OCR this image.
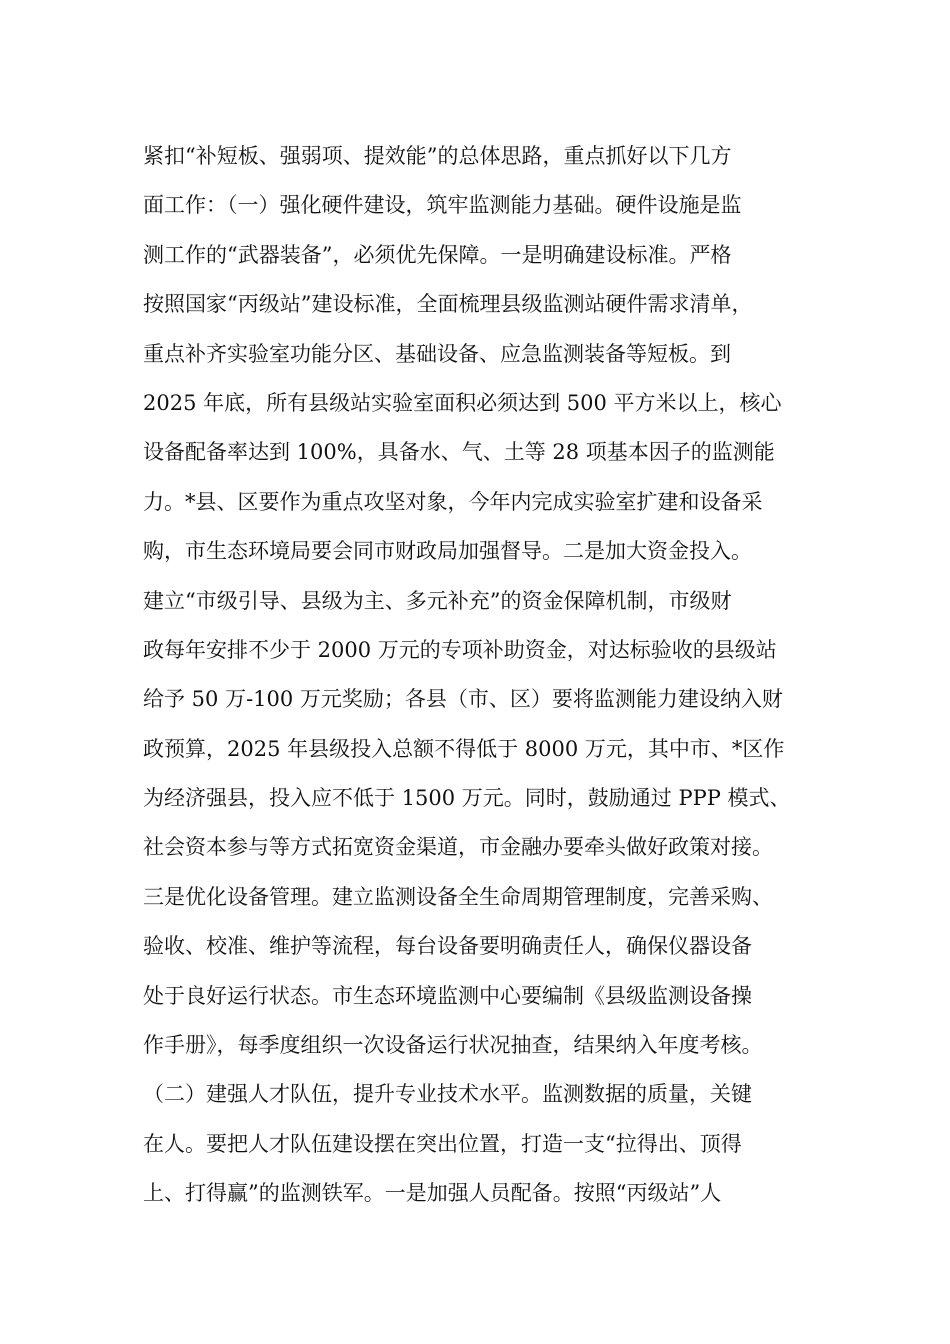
紧扣“补短板、强弱项、提效能”的总体思路，重点抓好以下几方
面工作：（一）强化硬件建设，筑牢监测能力基础。硬件设施是监
测工作的“武器装备”，必须优先保障。一是明确建设标准。严格
按照国家“丙级站”建设标准，全面梳理县级监测站硬件需求清单，
重点补齐实验室功能分区、基础设备、应急监测装备等短板。到
2025 年底，所有县级站实验室面积必须达到 500 平方米以上，核心
设备配备率达到 100%，具备水、气、土等 28 项基本因子的监测能
力。*县、区要作为重点攻坚对象，今年内完成实验室扩建和设备采
购，市生态环境局要会同市财政局加强督导。二是加大资金投入。
建立“市级引导、县级为主、多元补充”的资金保障机制，市级财
政每年安排不少于 2000 万元的专项补助资金，对达标验收的县级站
给予 50 万-100 万元奖励；各县（市、区）要将监测能力建设纳入财
政预算，2025 年县级投入总额不得低于 8000 万元，其中市、*区作
为经济强县，投入应不低于 1500 万元。同时，鼓励通过 PPP 模式、
社会资本参与等方式拓宽资金渠道，市金融办要牵头做好政策对接。
三是优化设备管理。建立监测设备全生命周期管理制度，完善采购、
验收、校准、维护等流程，每台设备要明确责任人，确保仪器设备
处于良好运行状态。市生态环境监测中心要编制《县级监测设备操
作手册》，每季度组织一次设备运行状况抽查，结果纳入年度考核。
（二）建强人才队伍，提升专业技术水平。监测数据的质量，关键
在人。要把人才队伍建设摆在突出位置，打造一支“拉得出、顶得
上、打得赢”的监测铁军。一是加强人员配备。按照“丙级站”人
